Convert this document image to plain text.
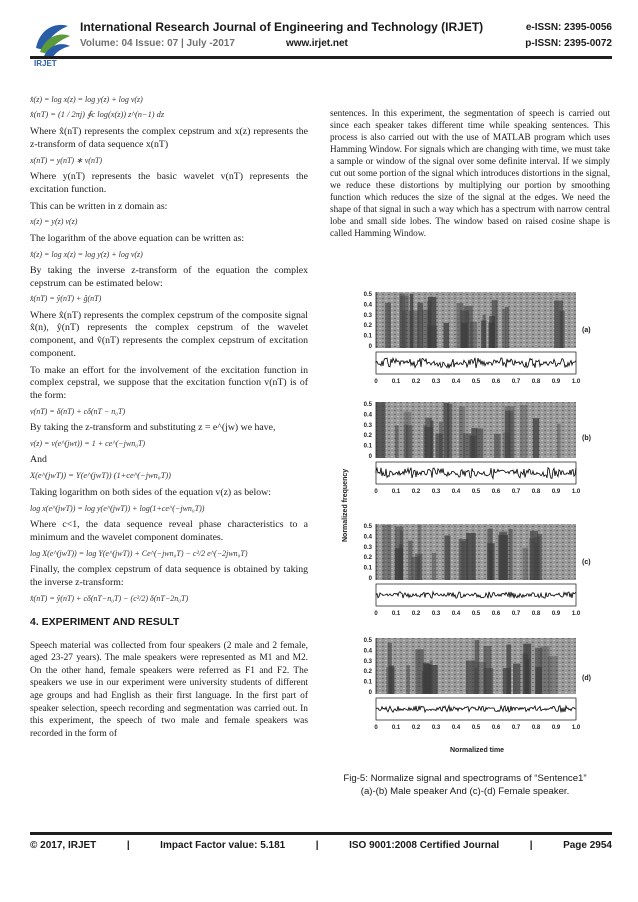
IRJET
International Research Journal of Engineering and Technology (IRJET)	e-ISSN: 2395-0056
Volume: 04 Issue: 07 | July -2017	www.irjet.net	p-ISSN: 2395-0072
x̂(z) = log x(z) = log y(z) + log v(z)
x̂(nT) = (1 / 2πj) ∮c log(x(z)) z^(n−1) dz
Where x̂(nT) represents the complex cepstrum and x(z) represents the z-transform of data sequence x(nT)
x(nT) = y(nT) ∗ v(nT)
Where y(nT) represents the basic wavelet v(nT) represents the excitation function.
This can be written in z domain as:
x(z) = y(z) v(z)
The logarithm of the above equation can be written as:
x̂(z) = log x(z) = log y(z) + log v(z)
By taking the inverse z-transform of the equation the complex cepstrum can be estimated below:
x̂(nT) = ŷ(nT) + ĝ(nT)
Where x̂(nT) represents the complex cepstrum of the composite signal x̂(n), ŷ(nT) represents the complex cepstrum of the wavelet component, and v̂(nT) represents the complex cepstrum of excitation component.
To make an effort for the involvement of the excitation function in complex cepstral, we suppose that the excitation function v(nT) is of the form:
v(nT) = δ(nT) + cδ(nT − n₀T)
By taking the z-transform and substituting z = e^(jw) we have,
v(z) = v(e^(jwt)) = 1 + ce^(−jwn₀T)
And
X(e^(jwT)) = Y(e^(jwT)) (1+ce^(−jwn₀T))
Taking logarithm on both sides of the equation v(z) as below:
log x(e^(jwT)) = log y(e^(jwT)) + log(1+ce^(−jwn₀T))
Where c<1, the data sequence reveal phase characteristics to a minimum and the wavelet component dominates.
log X(e^(jwT)) = log Y(e^(jwT)) + Ce^(−jwn₀T) − c²/2 e^(−2jwn₀T)
Finally, the complex cepstrum of data sequence is obtained by taking the inverse z-transform:
x̂(nT) = ŷ(nT) + cδ(nT−n₀T) − (c²/2) δ(nT−2n₀T)
4. EXPERIMENT AND RESULT
Speech material was collected from four speakers (2 male and 2 female, aged 23-27 years). The male speakers were represented as M1 and M2. On the other hand, female speakers were referred as F1 and F2. The speakers we use in our experiment were university students of different age groups and had English as their first language. In the first part of speaker selection, speech recording and segmentation was carried out. In this experiment, the speech of two male and female speakers was recorded in the form of
sentences. In this experiment, the segmentation of speech is carried out since each speaker takes different time while speaking sentences. This process is also carried out with the use of MATLAB program which uses Hamming Window. For signals which are changing with time, we must take a sample or window of the signal over some definite interval. If we simply cut out some portion of the signal which introduces distortions in the signal, we reduce these distortions by multiplying our portion by smoothing function which reduces the size of the signal at the edges. We need the shape of that signal in such a way which has a spectrum with narrow central lobe and small side lobes. The window based on raised cosine shape is called Hamming Window.
0.5
0.4
0.3
0.2
0.1
0
0 0.1 0.2 0.3 0.4 0.5 0.6 0.7 0.8 0.9 1.0
0.5
0.4
0.3
0.2
0.1
0
0 0.1 0.2 0.3 0.4 0.5 0.6 0.7 0.8 0.9 1.0
0.5
0.4
0.3
0.2
0.1
0
0 0.1 0.2 0.3 0.4 0.5 0.6 0.7 0.8 0.9 1.0
0.5
0.4
0.3
0.2
0.1
0
0 0.1 0.2 0.3 0.4 0.5 0.6 0.7 0.8 0.9 1.0
Normalized frequency
Normalized time
(a)
(b)
(c)
(d)
Fig-5: Normalize signal and spectrograms of “Sentence1”
(a)-(b) Male speaker And (c)-(d) Female speaker.
© 2017, IRJET	|	Impact Factor value: 5.181	|	ISO 9001:2008 Certified Journal	|	Page 2954
